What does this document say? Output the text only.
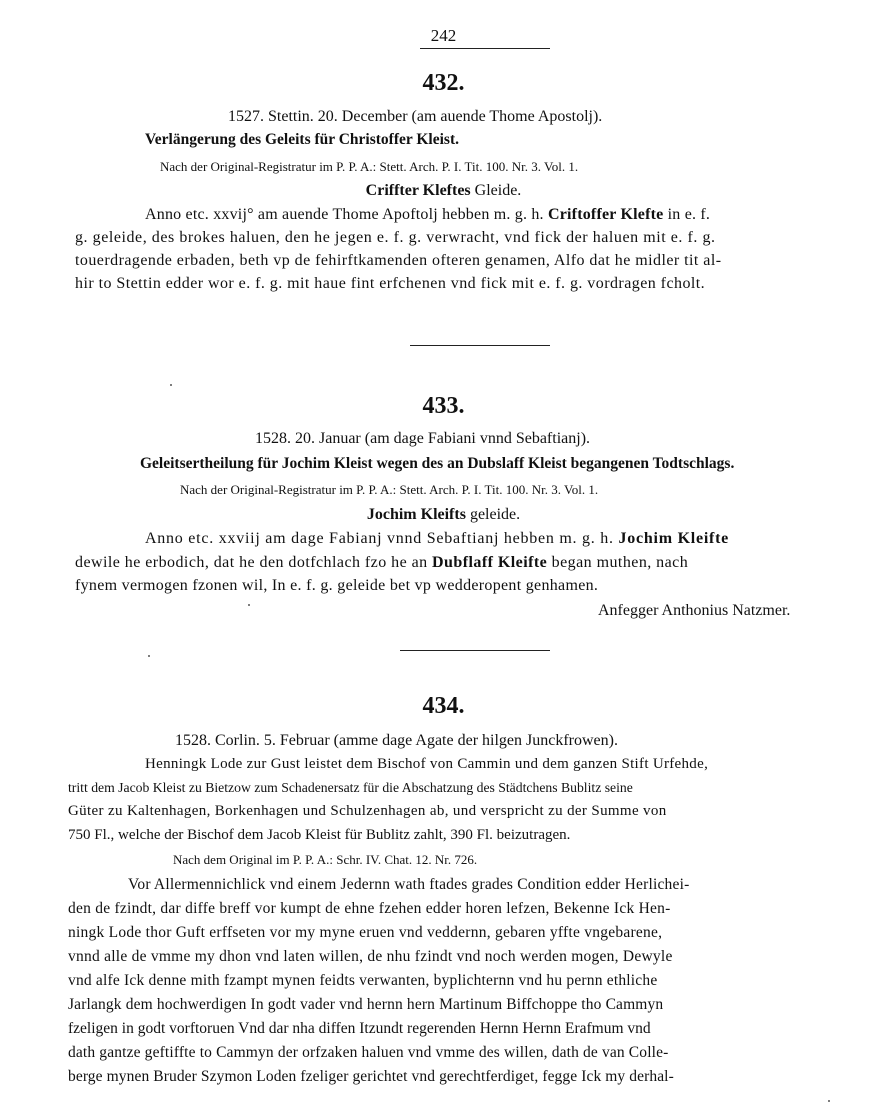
242
432.
1527. Stettin. 20. December (am auende Thome Apostolj).
Verlängerung des Geleits für Christoffer Kleist.
Nach der Original-Registratur im P. P. A.: Stett. Arch. P. I. Tit. 100. Nr. 3. Vol. 1.
Criffter Kleftes Gleide.
Anno etc. xxvij° am auende Thome Apoftolj hebben m. g. h. Criftoffer Klefte in e. f.
g. geleide, des brokes haluen, den he jegen e. f. g. verwracht, vnd fick der haluen mit e. f. g.
touerdragende erbaden, beth vp de fehirftkamenden ofteren genamen, Alfo dat he midler tit al-
hir to Stettin edder wor e. f. g. mit haue fint erfchenen vnd fick mit e. f. g. vordragen fcholt.
433.
1528. 20. Januar (am dage Fabiani vnnd Sebaftianj).
Geleitsertheilung für Jochim Kleist wegen des an Dubslaff Kleist begangenen Todtschlags.
Nach der Original-Registratur im P. P. A.: Stett. Arch. P. I. Tit. 100. Nr. 3. Vol. 1.
Jochim Kleifts geleide.
Anno etc. xxviij am dage Fabianj vnnd Sebaftianj hebben m. g. h. Jochim Kleifte
dewile he erbodich, dat he den dotfchlach fzo he an Dubflaff Kleifte began muthen, nach
fynem vermogen fzonen wil, In e. f. g. geleide bet vp wedderopent genhamen.
Anfegger Anthonius Natzmer.
434.
1528. Corlin. 5. Februar (amme dage Agate der hilgen Junckfrowen).
Henningk Lode zur Gust leistet dem Bischof von Cammin und dem ganzen Stift Urfehde,
tritt dem Jacob Kleist zu Bietzow zum Schadenersatz für die Abschatzung des Städtchens Bublitz seine
Güter zu Kaltenhagen, Borkenhagen und Schulzenhagen ab, und verspricht zu der Summe von
750 Fl., welche der Bischof dem Jacob Kleist für Bublitz zahlt, 390 Fl. beizutragen.
Nach dem Original im P. P. A.: Schr. IV. Chat. 12. Nr. 726.
Vor Allermennichlick vnd einem Jedernn wath ftades grades Condition edder Herlichei-
den de fzindt, dar diffe breff vor kumpt de ehne fzehen edder horen lefzen, Bekenne Ick Hen-
ningk Lode thor Guft erffseten vor my myne eruen vnd veddernn, gebaren yffte vngebarene,
vnnd alle de vmme my dhon vnd laten willen, de nhu fzindt vnd noch werden mogen, Dewyle
vnd alfe Ick denne mith fzampt mynen feidts verwanten, byplichternn vnd hu pernn ethliche
Jarlangk dem hochwerdigen In godt vader vnd hernn hern Martinum Biffchoppe tho Cammyn
fzeligen in godt vorftoruen Vnd dar nha diffen Itzundt regerenden Hernn Hernn Erafmum vnd
dath gantze geftiffte to Cammyn der orfzaken haluen vnd vmme des willen, dath de van Colle-
berge mynen Bruder Szymon Loden fzeliger gerichtet vnd gerechtferdiget, fegge Ick my derhal-
